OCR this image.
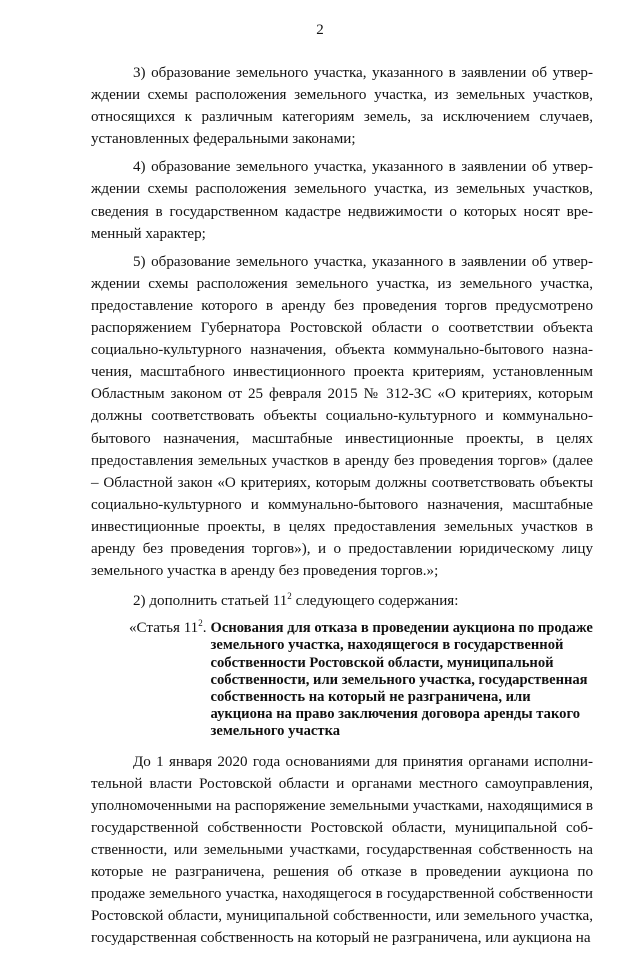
2

3) образование земельного участка, указанного в заявлении об утверждении схемы расположения земельного участка, из земельных участков, относящихся к различным категориям земель, за исключением случаев, установленных федеральными законами;

4) образование земельного участка, указанного в заявлении об утверждении схемы расположения земельного участка, из земельных участков, сведения в государственном кадастре недвижимости о которых носят временный характер;

5) образование земельного участка, указанного в заявлении об утверждении схемы расположения земельного участка, из земельного участка, предоставление которого в аренду без проведения торгов предусмотрено распоряжением Губернатора Ростовской области о соответствии объекта социально-культурного назначения, объекта коммунально-бытового назначения, масштабного инвестиционного проекта критериям, установленным Областным законом от 25 февраля 2015 № 312-ЗС «О критериях, которым должны соответствовать объекты социально-культурного и коммунально-бытового назначения, масштабные инвестиционные проекты, в целях предоставления земельных участков в аренду без проведения торгов» (далее – Областной закон «О критериях, которым должны соответствовать объекты социально-культурного и коммунально-бытового назначения, масштабные инвестиционные проекты, в целях предоставления земельных участков в аренду без проведения торгов»), и о предоставлении юридическому лицу земельного участка в аренду без проведения торгов.»;

2) дополнить статьей $11^2$ следующего содержания:

«Статья $11^2$. Основания для отказа в проведении аукциона по продаже земельного участка, находящегося в государственной собственности Ростовской области, муниципальной собственности, или земельного участка, государственная собственность на который не разграничена, или аукциона на право заключения договора аренды такого земельного участка

До 1 января 2020 года основаниями для принятия органами исполнительной власти Ростовской области и органами местного самоуправления, уполномоченными на распоряжение земельными участками, находящимися в государственной собственности Ростовской области, муниципальной собственности, или земельными участками, государственная собственность на которые не разграничена, решения об отказе в проведении аукциона по продаже земельного участка, находящегося в государственной собственности Ростовской области, муниципальной собственности, или земельного участка, государственная собственность на который не разграничена, или аукциона на
